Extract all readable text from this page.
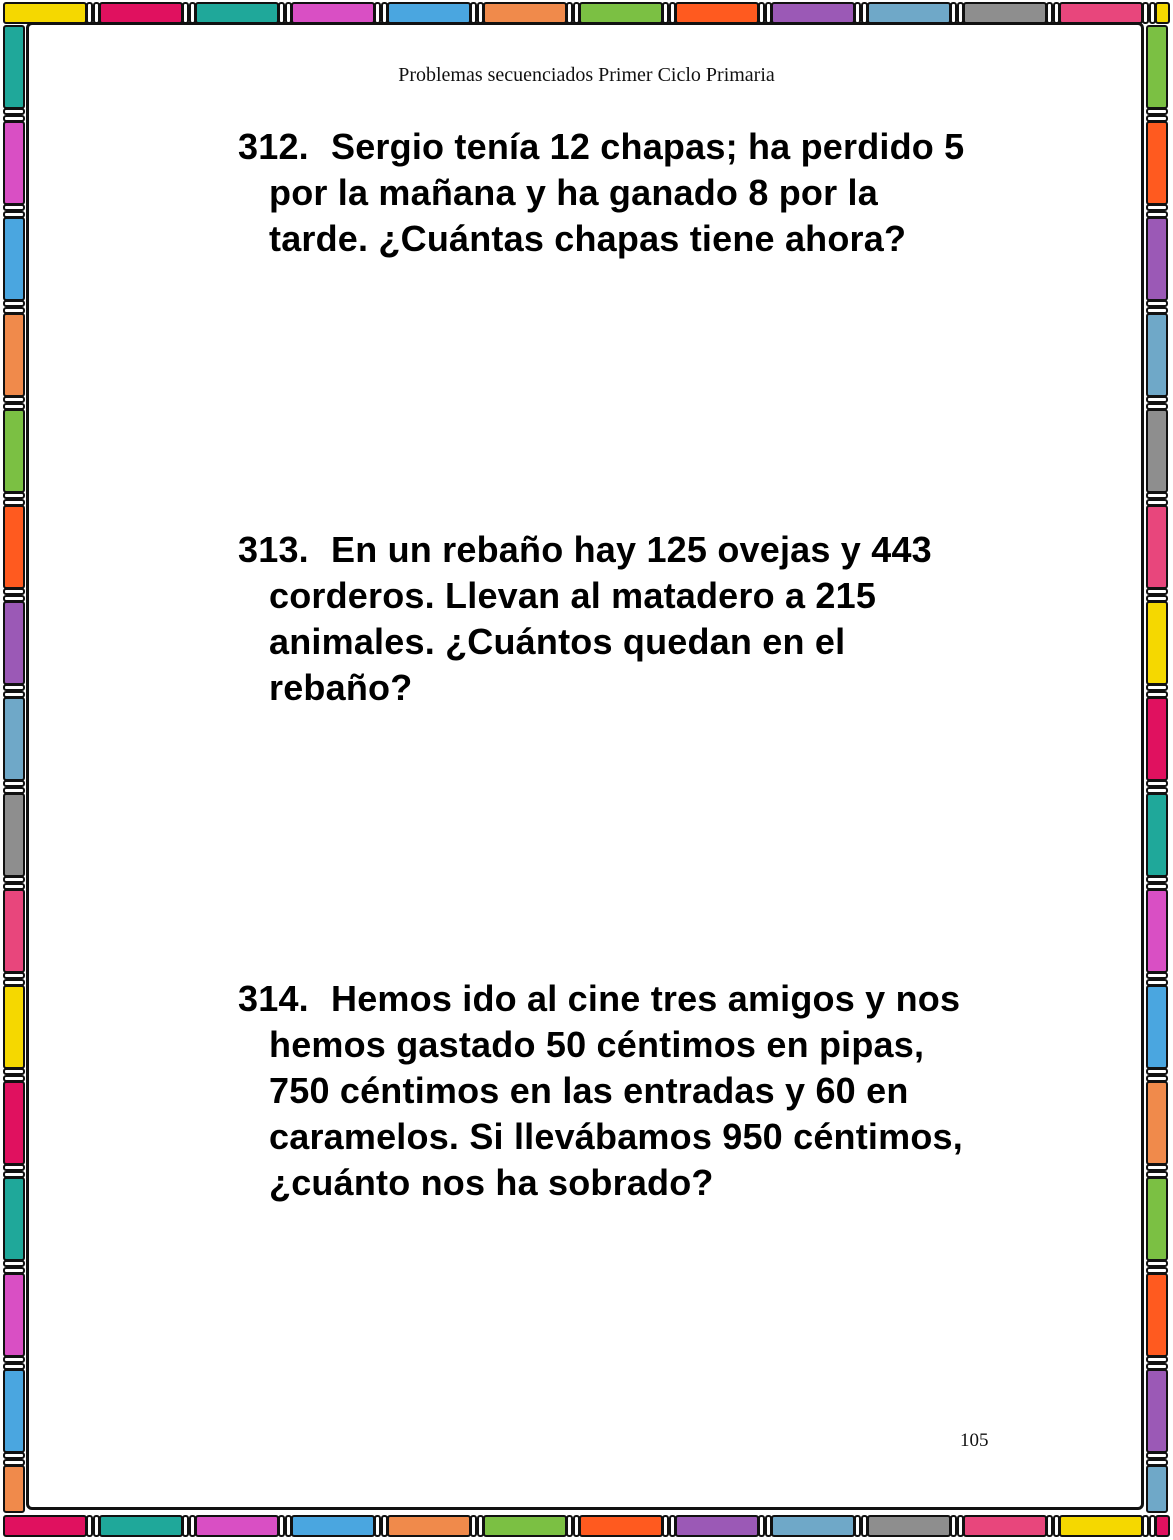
Problemas secuenciados Primer Ciclo Primaria
312. Sergio tenía 12 chapas; ha perdido 5
por la mañana y ha ganado 8 por la
tarde. ¿Cuántas chapas tiene ahora?
313. En un rebaño hay 125 ovejas y 443
corderos. Llevan al matadero a 215
animales. ¿Cuántos quedan en el
rebaño?
314. Hemos ido al cine tres amigos y nos
hemos gastado 50 céntimos en pipas,
750 céntimos en las entradas y 60 en
caramelos. Si llevábamos 950 céntimos,
¿cuánto nos ha sobrado?
105
